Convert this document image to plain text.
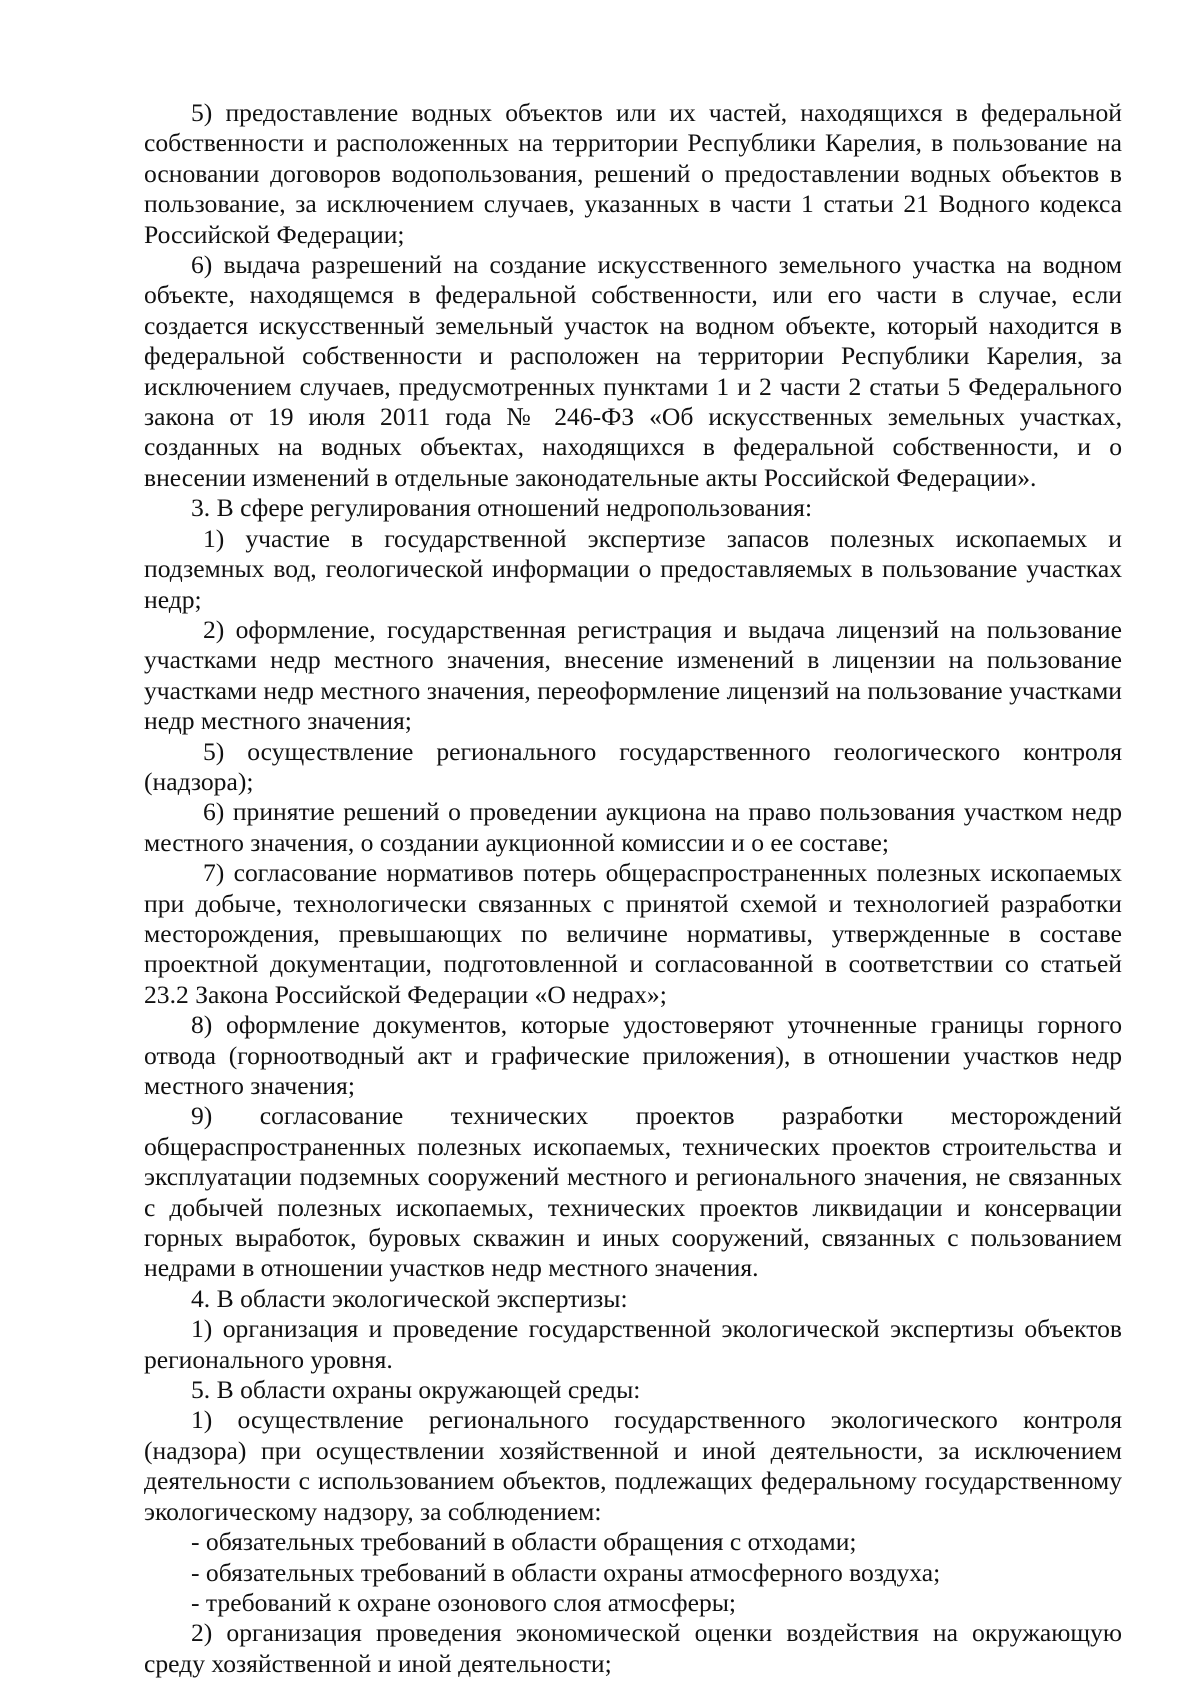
5) предоставление водных объектов или их частей, находящихся в федеральной собственности и расположенных на территории Республики Карелия, в пользование на основании договоров водопользования, решений о предоставлении водных объектов в пользование, за исключением случаев, указанных в части 1 статьи 21 Водного кодекса Российской Федерации;

6) выдача разрешений на создание искусственного земельного участка на водном объекте, находящемся в федеральной собственности, или его части в случае, если создается искусственный земельный участок на водном объекте, который находится в федеральной собственности и расположен на территории Республики Карелия, за исключением случаев, предусмотренных пунктами 1 и 2 части 2 статьи 5 Федерального закона от 19 июля 2011 года № 246-ФЗ «Об искусственных земельных участках, созданных на водных объектах, находящихся в федеральной собственности, и о внесении изменений в отдельные законодательные акты Российской Федерации».

3. В сфере регулирования отношений недропользования:

1) участие в государственной экспертизе запасов полезных ископаемых и подземных вод, геологической информации о предоставляемых в пользование участках недр;

2) оформление, государственная регистрация и выдача лицензий на пользование участками недр местного значения, внесение изменений в лицензии на пользование участками недр местного значения, переоформление лицензий на пользование участками недр местного значения;

5) осуществление регионального государственного геологического контроля (надзора);

6) принятие решений о проведении аукциона на право пользования участком недр местного значения, о создании аукционной комиссии и о ее составе;

7) согласование нормативов потерь общераспространенных полезных ископаемых при добыче, технологически связанных с принятой схемой и технологией разработки месторождения, превышающих по величине нормативы, утвержденные в составе проектной документации, подготовленной и согласованной в соответствии со статьей 23.2 Закона Российской Федерации «О недрах»;

8) оформление документов, которые удостоверяют уточненные границы горного отвода (горноотводный акт и графические приложения), в отношении участков недр местного значения;

9) согласование технических проектов разработки месторождений общераспространенных полезных ископаемых, технических проектов строительства и эксплуатации подземных сооружений местного и регионального значения, не связанных с добычей полезных ископаемых, технических проектов ликвидации и консервации горных выработок, буровых скважин и иных сооружений, связанных с пользованием недрами в отношении участков недр местного значения.

4. В области экологической экспертизы:

1) организация и проведение государственной экологической экспертизы объектов регионального уровня.

5. В области охраны окружающей среды:

1) осуществление регионального государственного экологического контроля (надзора) при осуществлении хозяйственной и иной деятельности, за исключением деятельности с использованием объектов, подлежащих федеральному государственному экологическому надзору, за соблюдением:

- обязательных требований в области обращения с отходами;

- обязательных требований в области охраны атмосферного воздуха;

- требований к охране озонового слоя атмосферы;

2) организация проведения экономической оценки воздействия на окружающую среду хозяйственной и иной деятельности;
